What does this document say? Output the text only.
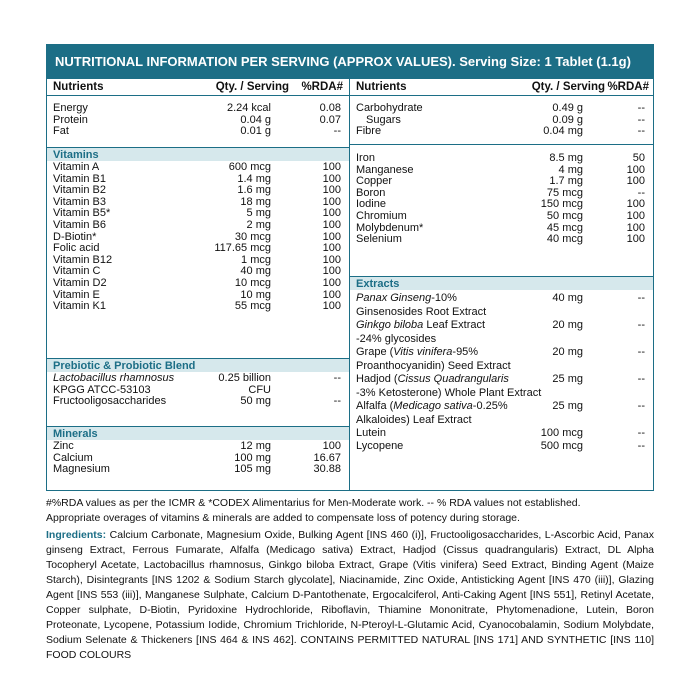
NUTRITIONAL INFORMATION PER SERVING (APPROX VALUES). Serving Size: 1 Tablet (1.1g)
Nutrients	Qty. / Serving %RDA# Nutrients	Qty. / Serving %RDA#
Energy	2.24 kcal	0.08
Protein	0.04 g	0.07
Fat	0.01 g	--
Vitamins
Vitamin A	600 mcg	100
Vitamin B1	1.4 mg	100
Vitamin B2	1.6 mg	100
Vitamin B3	18 mg	100
Vitamin B5*	5 mg	100
Vitamin B6	2 mg	100
D-Biotin*	30 mcg	100
Folic acid	117.65 mcg	100
Vitamin B12	1 mcg	100
Vitamin C	40 mg	100
Vitamin D2	10 mcg	100
Vitamin E	10 mg	100
Vitamin K1	55 mcg	100
Prebiotic & Probiotic Blend
Lactobacillus rhamnosus	0.25 billion	--
KPGG ATCC-53103	CFU
Fructooligosaccharides	50 mg	--
Minerals
Zinc	12 mg	100
Calcium	100 mg	16.67
Magnesium	105 mg	30.88
Carbohydrate	0.49 g	--
Sugars	0.09 g	--
Fibre	0.04 mg	--
Iron	8.5 mg	50
Manganese	4 mg	100
Copper	1.7 mg	100
Boron	75 mcg	--
Iodine	150 mcg	100
Chromium	50 mcg	100
Molybdenum*	45 mcg	100
Selenium	40 mcg	100
Extracts
Panax Ginseng-10%	40 mg	--
Ginsenosides Root Extract
Ginkgo biloba Leaf Extract	20 mg	--
-24% glycosides
Grape (Vitis vinifera-95%	20 mg	--
Proanthocyanidin) Seed Extract
Hadjod (Cissus Quadrangularis	25 mg	--
-3% Ketosterone) Whole Plant Extract
Alfalfa (Medicago sativa-0.25%	25 mg	--
Alkaloides) Leaf Extract
Lutein	100 mcg	--
Lycopene	500 mcg	--
#%RDA values as per the ICMR & *CODEX Alimentarius for Men-Moderate work. -- % RDA values not established.
Appropriate overages of vitamins & minerals are added to compensate loss of potency during storage.
Ingredients: Calcium Carbonate, Magnesium Oxide, Bulking Agent [INS 460 (i)], Fructooligosaccharides, L-Ascorbic Acid, Panax ginseng Extract, Ferrous Fumarate, Alfalfa (Medicago sativa) Extract, Hadjod (Cissus quadrangularis) Extract, DL Alpha Tocopheryl Acetate, Lactobacillus rhamnosus, Ginkgo biloba Extract, Grape (Vitis vinifera) Seed Extract, Binding Agent (Maize Starch), Disintegrants [INS 1202 & Sodium Starch glycolate], Niacinamide, Zinc Oxide, Antisticking Agent [INS 470 (iii)], Glazing Agent [INS 553 (iii)], Manganese Sulphate, Calcium D-Pantothenate, Ergocalciferol, Anti-Caking Agent [INS 551], Retinyl Acetate, Copper sulphate, D-Biotin, Pyridoxine Hydrochloride, Riboflavin, Thiamine Mononitrate, Phytomenadione, Lutein, Boron Proteonate, Lycopene, Potassium Iodide, Chromium Trichloride, N-Pteroyl-L-Glutamic Acid, Cyanocobalamin, Sodium Molybdate, Sodium Selenate & Thickeners [INS 464 & INS 462]. CONTAINS PERMITTED NATURAL [INS 171] AND SYNTHETIC [INS 110] FOOD COLOURS
